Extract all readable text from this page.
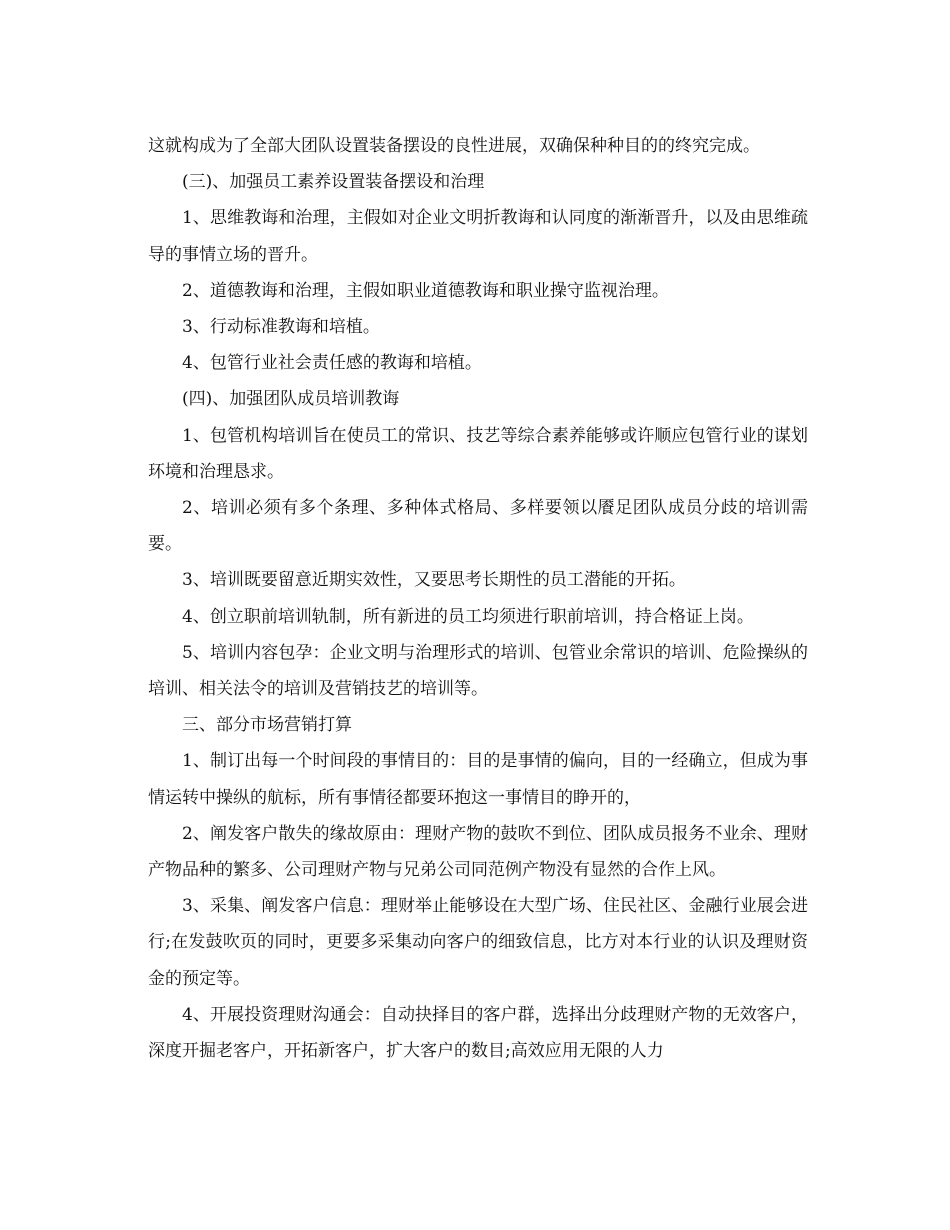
这就构成为了全部大团队设置装备摆设的良性进展，双确保种种目的的终究完成。

(三)、加强员工素养设置装备摆设和治理

1、思维教诲和治理，主假如对企业文明折教诲和认同度的渐渐晋升，以及由思维疏导的事情立场的晋升。

2、道德教诲和治理，主假如职业道德教诲和职业操守监视治理。

3、行动标准教诲和培植。

4、包管行业社会责任感的教诲和培植。

(四)、加强团队成员培训教诲

1、包管机构培训旨在使员工的常识、技艺等综合素养能够或许顺应包管行业的谋划环境和治理恳求。

2、培训必须有多个条理、多种体式格局、多样要领以餍足团队成员分歧的培训需要。

3、培训既要留意近期实效性，又要思考长期性的员工潜能的开拓。

4、创立职前培训轨制，所有新进的员工均须进行职前培训，持合格证上岗。

5、培训内容包孕：企业文明与治理形式的培训、包管业余常识的培训、危险操纵的培训、相关法令的培训及营销技艺的培训等。

三、部分市场营销打算

1、制订出每一个时间段的事情目的：目的是事情的偏向，目的一经确立，但成为事情运转中操纵的航标，所有事情径都要环抱这一事情目的睁开的，

2、阐发客户散失的缘故原由：理财产物的鼓吹不到位、团队成员报务不业余、理财产物品种的繁多、公司理财产物与兄弟公司同范例产物没有显然的合作上风。

3、采集、阐发客户信息：理财举止能够设在大型广场、住民社区、金融行业展会进行;在发鼓吹页的同时，更要多采集动向客户的细致信息，比方对本行业的认识及理财资金的预定等。

4、开展投资理财沟通会：自动抉择目的客户群，选择出分歧理财产物的无效客户，深度开掘老客户，开拓新客户，扩大客户的数目;高效应用无限的人力
